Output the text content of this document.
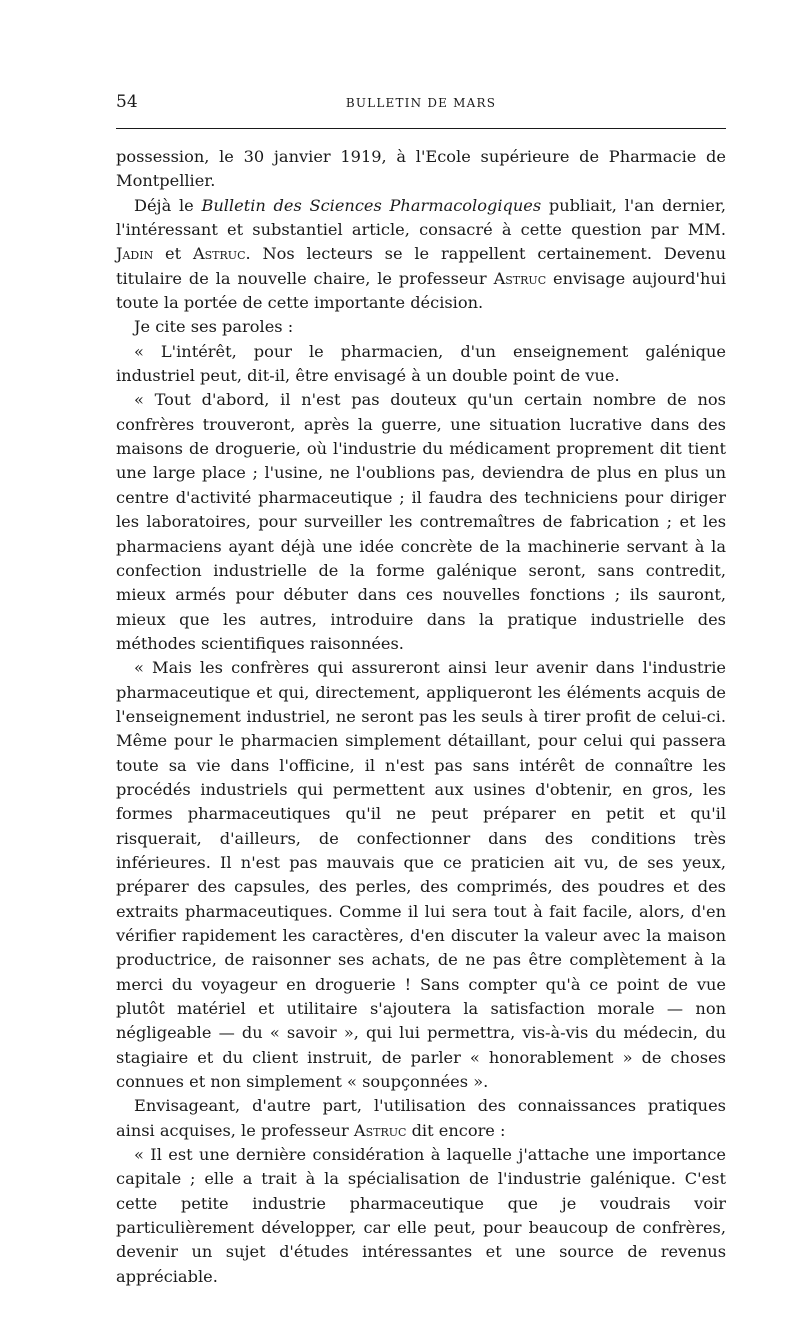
54	BULLETIN DE MARS

possession, le 30 janvier 1919, à l'Ecole supérieure de Pharmacie de Montpellier.

Déjà le Bulletin des Sciences Pharmacologiques publiait, l'an dernier, l'intéressant et substantiel article, consacré à cette question par MM. Jadin et Astruc. Nos lecteurs se le rappellent certainement. Devenu titulaire de la nouvelle chaire, le professeur Astruc envisage aujourd'hui toute la portée de cette importante décision.

Je cite ses paroles :

« L'intérêt, pour le pharmacien, d'un enseignement galénique industriel peut, dit-il, être envisagé à un double point de vue.

« Tout d'abord, il n'est pas douteux qu'un certain nombre de nos confrères trouveront, après la guerre, une situation lucrative dans des maisons de droguerie, où l'industrie du médicament proprement dit tient une large place ; l'usine, ne l'oublions pas, deviendra de plus en plus un centre d'activité pharmaceutique ; il faudra des techniciens pour diriger les laboratoires, pour surveiller les contremaîtres de fabrication ; et les pharmaciens ayant déjà une idée concrète de la machinerie servant à la confection industrielle de la forme galénique seront, sans contredit, mieux armés pour débuter dans ces nouvelles fonctions ; ils sauront, mieux que les autres, introduire dans la pratique industrielle des méthodes scientifiques raisonnées.

« Mais les confrères qui assureront ainsi leur avenir dans l'industrie pharmaceutique et qui, directement, appliqueront les éléments acquis de l'enseignement industriel, ne seront pas les seuls à tirer profit de celui-ci. Même pour le pharmacien simplement détaillant, pour celui qui passera toute sa vie dans l'officine, il n'est pas sans intérêt de connaître les procédés industriels qui permettent aux usines d'obtenir, en gros, les formes pharmaceutiques qu'il ne peut préparer en petit et qu'il risquerait, d'ailleurs, de confectionner dans des conditions très inférieures. Il n'est pas mauvais que ce praticien ait vu, de ses yeux, préparer des capsules, des perles, des comprimés, des poudres et des extraits pharmaceutiques. Comme il lui sera tout à fait facile, alors, d'en vérifier rapidement les caractères, d'en discuter la valeur avec la maison productrice, de raisonner ses achats, de ne pas être complètement à la merci du voyageur en droguerie ! Sans compter qu'à ce point de vue plutôt matériel et utilitaire s'ajoutera la satisfaction morale — non négligeable — du « savoir », qui lui permettra, vis-à-vis du médecin, du stagiaire et du client instruit, de parler « honorablement » de choses connues et non simplement « soupçonnées ».

Envisageant, d'autre part, l'utilisation des connaissances pratiques ainsi acquises, le professeur Astruc dit encore :

« Il est une dernière considération à laquelle j'attache une importance capitale ; elle a trait à la spécialisation de l'industrie galénique. C'est cette petite industrie pharmaceutique que je voudrais voir particulièrement développer, car elle peut, pour beaucoup de confrères, devenir un sujet d'études intéressantes et une source de revenus appréciable.
